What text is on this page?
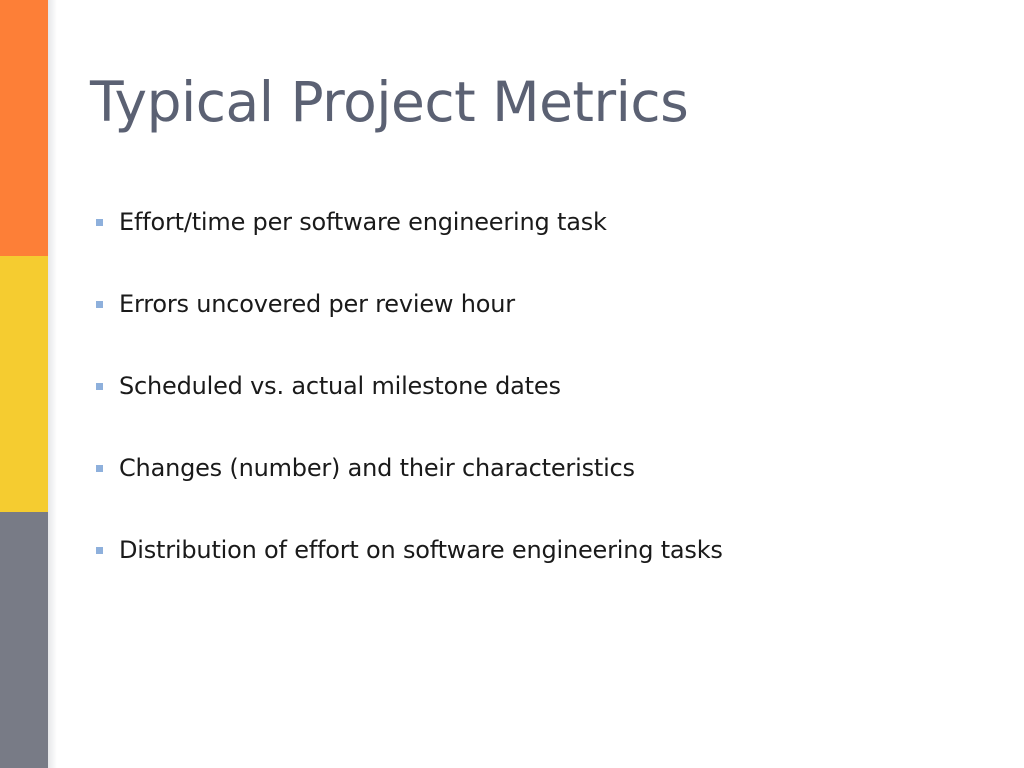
Typical Project Metrics
Effort/time per software engineering task
Errors uncovered per review hour
Scheduled vs. actual milestone dates
Changes (number) and their characteristics
Distribution of effort on software engineering tasks
